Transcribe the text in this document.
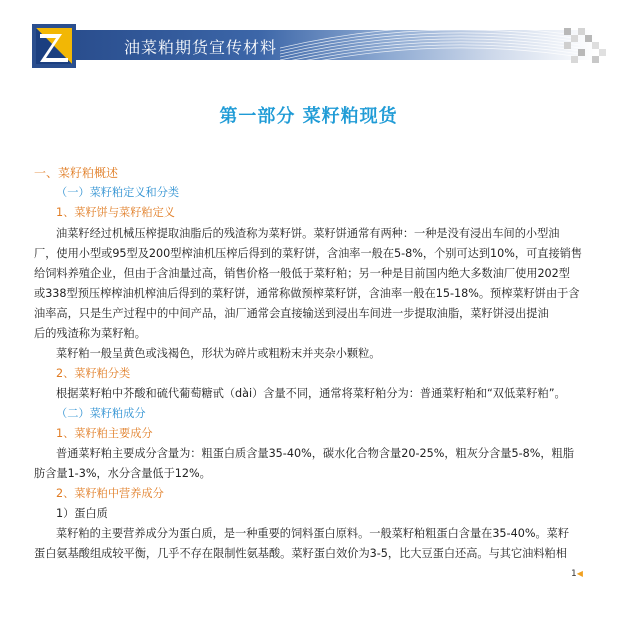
油菜粕期货宣传材料
第一部分 菜籽粕现货
一、菜籽粕概述
（一）菜籽粕定义和分类
1、菜籽饼与菜籽粕定义
油菜籽经过机械压榨提取油脂后的残渣称为菜籽饼。菜籽饼通常有两种：一种是没有浸出车间的小型油
厂，使用小型或95型及200型榨油机压榨后得到的菜籽饼，含油率一般在5-8%，个别可达到10%，可直接销售
给饲料养殖企业，但由于含油量过高，销售价格一般低于菜籽粕；另一种是目前国内绝大多数油厂使用202型
或338型预压榨榨油机榨油后得到的菜籽饼，通常称做预榨菜籽饼，含油率一般在15-18%。预榨菜籽饼由于含
油率高，只是生产过程中的中间产品，油厂通常会直接输送到浸出车间进一步提取油脂，菜籽饼浸出提油
后的残渣称为菜籽粕。
菜籽粕一般呈黄色或浅褐色，形状为碎片或粗粉末并夹杂小颗粒。
2、菜籽粕分类
根据菜籽粕中芥酸和硫代葡萄糖甙（dài）含量不同，通常将菜籽粕分为：普通菜籽粕和“双低菜籽粕”。
（二）菜籽粕成分
1、菜籽粕主要成分
普通菜籽粕主要成分含量为：粗蛋白质含量35-40%，碳水化合物含量20-25%，粗灰分含量5-8%，粗脂
肪含量1-3%，水分含量低于12%。
2、菜籽粕中营养成分
1）蛋白质
菜籽粕的主要营养成分为蛋白质，是一种重要的饲料蛋白原料。一般菜籽粕粗蛋白含量在35-40%。菜籽
蛋白氨基酸组成较平衡，几乎不存在限制性氨基酸。菜籽蛋白效价为3-5，比大豆蛋白还高。与其它油料粕相
1◀
